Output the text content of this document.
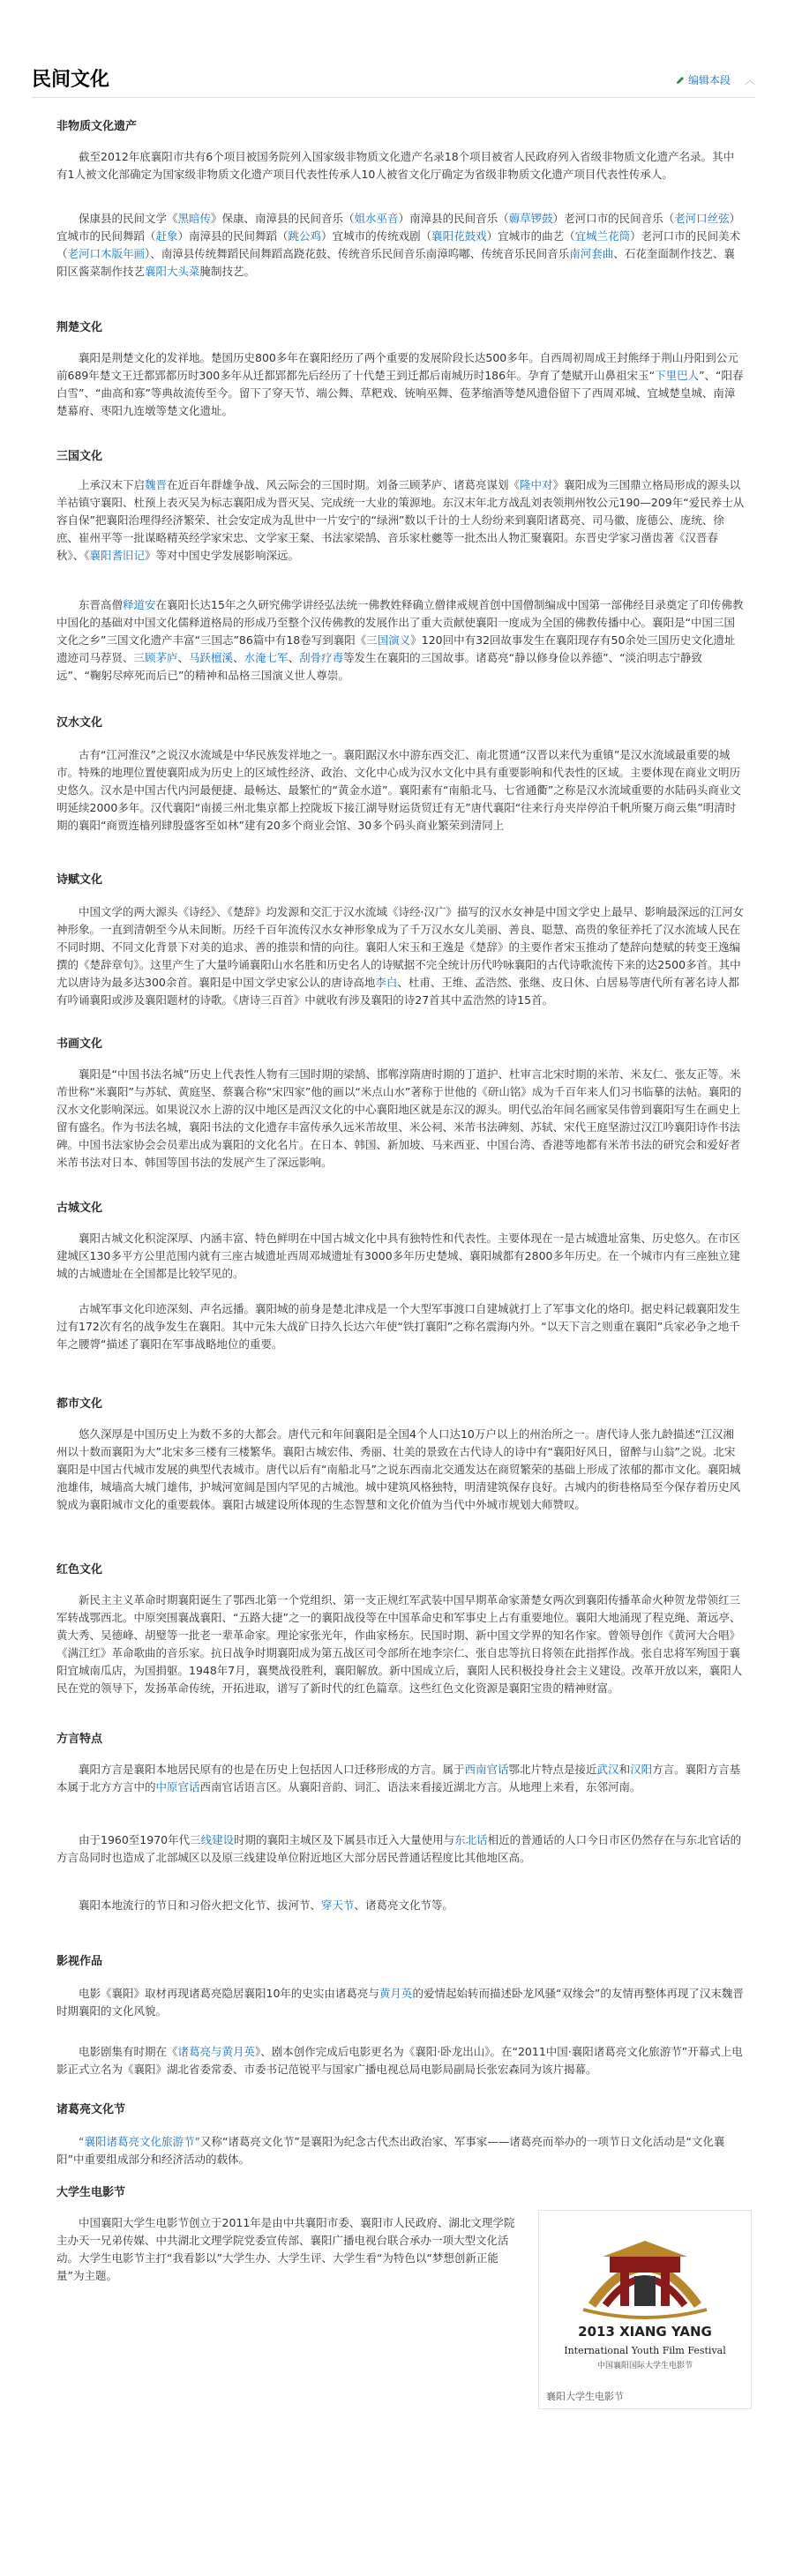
民间文化	编辑本段 ︿
非物质文化遗产
截至2012年底襄阳市共有6个项目被国务院列入国家级非物质文化遗产名录18个项目被省人民政府列入省级非物质文化遗产名录。其中有1人被文化部确定为国家级非物质文化遗产项目代表性传承人10人被省文化厅确定为省级非物质文化遗产项目代表性传承人。
保康县的民间文学《黑暗传》保康、南漳县的民间音乐（姐水巫音）南漳县的民间音乐（薅草锣鼓）老河口市的民间音乐（老河口丝弦）宜城市的民间舞蹈（赶象）南漳县的民间舞蹈（跳公鸡）宜城市的传统戏剧（襄阳花鼓戏）宜城市的曲艺（宜城兰花筒）老河口市的民间美术（老河口木版年画）、南漳县传统舞蹈民间舞蹈高跷花鼓、传统音乐民间音乐南漳呜嘟、传统音乐民间音乐南河套曲、石花奎面制作技艺、襄阳区酱菜制作技艺襄阳大头菜腌制技艺。
荆楚文化
襄阳是荆楚文化的发祥地。楚国历史800多年在襄阳经历了两个重要的发展阶段长达500多年。自西周初周成王封熊绎于荆山丹阳到公元前689年楚文王迁都郢都历时300多年从迁都郢都先后经历了十代楚王到迁都后南城历时186年。孕育了楚赋开山鼻祖宋玉“下里巴人”、“阳春白雪”、“曲高和寡”等典故流传至今。留下了穿天节、端公舞、草粑戏、铳响巫舞、苞茅缩酒等楚风遗俗留下了西周邓城、宜城楚皇城、南漳楚幕府、枣阳九连墩等楚文化遗址。
三国文化
上承汉末下启魏晋在近百年群雄争战、风云际会的三国时期。刘备三顾茅庐、诸葛亮谋划《隆中对》襄阳成为三国鼎立格局形成的源头以羊祜镇守襄阳、杜预上表灭吴为标志襄阳成为晋灭吴、完成统一大业的策源地。东汉末年北方战乱刘表领荆州牧公元190—209年“爱民养士从容自保”把襄阳治理得经济繁荣、社会安定成为乱世中一片安宁的“绿洲”数以千计的士人纷纷来到襄阳诸葛亮、司马徽、庞德公、庞统、徐庶、崔州平等一批谋略精英经学家宋忠、文学家王粲、书法家梁鹄、音乐家杜夔等一批杰出人物汇聚襄阳。东晋史学家习凿齿著《汉晋春秋》、《襄阳耆旧记》等对中国史学发展影响深远。
东晋高僧释道安在襄阳长达15年之久研究佛学讲经弘法统一佛教姓释确立僧律戒规首创中国僧制编成中国第一部佛经目录奠定了印传佛教中国化的基础对中国文化儒释道格局的形成乃至整个汉传佛教的发展作出了重大贡献使襄阳一度成为全国的佛教传播中心。襄阳是“中国三国文化之乡”三国文化遗产丰富“三国志”86篇中有18卷写到襄阳《三国演义》120回中有32回故事发生在襄阳现存有50余处三国历史文化遗址遗迹司马荐贤、三顾茅庐、马跃檀溪、水淹七军、刮骨疗毒等发生在襄阳的三国故事。诸葛亮“静以修身俭以养德”、“淡泊明志宁静致远”、“鞠躬尽瘁死而后已”的精神和品格三国演义世人尊崇。
汉水文化
古有“江河淮汉”之说汉水流域是中华民族发祥地之一。襄阳踞汉水中游东西交汇、南北贯通“汉晋以来代为重镇”是汉水流域最重要的城市。特殊的地理位置使襄阳成为历史上的区域性经济、政治、文化中心成为汉水文化中具有重要影响和代表性的区域。主要体现在商业文明历史悠久。汉水是中国古代内河最便捷、最畅达、最繁忙的“黄金水道”。襄阳素有“南船北马、七省通衢”之称是汉水流域重要的水陆码头商业文明延续2000多年。汉代襄阳“南援三州北集京都上控陇坂下接江湖导财运货贸迁有无”唐代襄阳“往来行舟夹岸停泊千帆所聚万商云集”明清时期的襄阳“商贾连樯列肆殷盛客至如林”建有20多个商业会馆、30多个码头商业繁荣到清同上
诗赋文化
中国文学的两大源头《诗经》、《楚辞》均发源和交汇于汉水流域《诗经·汉广》描写的汉水女神是中国文学史上最早、影响最深远的江河女神形象。一直到清朝至今从未间断。历经千百年流传汉水女神形象成为了千万汉水女儿美丽、善良、聪慧、高贵的象征养托了汉水流域人民在不同时期、不同文化背景下对美的追求、善的推崇和情的向往。襄阳人宋玉和王逸是《楚辞》的主要作者宋玉推动了楚辞向楚赋的转变王逸编撰的《楚辞章句》。这里产生了大量吟诵襄阳山水名胜和历史名人的诗赋据不完全统计历代吟咏襄阳的古代诗歌流传下来的达2500多首。其中尤以唐诗为最多达300余首。襄阳是中国文学史家公认的唐诗高地李白、杜甫、王维、孟浩然、张继、皮日休、白居易等唐代所有著名诗人都有吟诵襄阳或涉及襄阳题材的诗歌。《唐诗三百首》中就收有涉及襄阳的诗27首其中孟浩然的诗15首。
书画文化
襄阳是“中国书法名城”历史上代表性人物有三国时期的梁鹄、邯郸淳隋唐时期的丁道护、杜审言北宋时期的米芾、米友仁、张友正等。米芾世称“米襄阳”与苏轼、黄庭坚、蔡襄合称“宋四家”他的画以“米点山水”著称于世他的《研山铭》成为千百年来人们习书临摹的法帖。襄阳的汉水文化影响深远。如果说汉水上游的汉中地区是西汉文化的中心襄阳地区就是东汉的源头。明代弘治年间名画家吴伟曾到襄阳写生在画史上留有盛名。作为书法名城，襄阳书法的文化遗存丰富传承久远米芾故里、米公祠、米芾书法碑刻、苏轼、宋代王庭坚游过汉江吟襄阳诗作书法碑。中国书法家协会会员辈出成为襄阳的文化名片。在日本、韩国、新加坡、马来西亚、中国台湾、香港等地都有米芾书法的研究会和爱好者米芾书法对日本、韩国等国书法的发展产生了深远影响。
古城文化
襄阳古城文化积淀深厚、内涵丰富、特色鲜明在中国古城文化中具有独特性和代表性。主要体现在一是古城遗址富集、历史悠久。在市区建城区130多平方公里范围内就有三座古城遗址西周邓城遗址有3000多年历史楚城、襄阳城都有2800多年历史。在一个城市内有三座独立建城的古城遗址在全国都是比较罕见的。
古城军事文化印迹深刻、声名远播。襄阳城的前身是楚北津戍是一个大型军事渡口自建城就打上了军事文化的烙印。据史料记载襄阳发生过有172次有名的战争发生在襄阳。其中元朱大战矿日持久长达六年使“铁打襄阳”之称名震海内外。“以天下言之则重在襄阳”兵家必争之地千年之腰膂“描述了襄阳在军事战略地位的重要。
都市文化
悠久深厚是中国历史上为数不多的大都会。唐代元和年间襄阳是全国4个人口达10万户以上的州治所之一。唐代诗人张九龄描述“江汉湘州以十数而襄阳为大”北宋多三楼有三楼繁华。襄阳古城宏伟、秀丽、壮美的景致在古代诗人的诗中有“襄阳好风日，留醉与山翁”之说。北宋襄阳是中国古代城市发展的典型代表城市。唐代以后有“南船北马”之说东西南北交通发达在商贸繁荣的基础上形成了浓郁的都市文化。襄阳城池雄伟，城墙高大城门雄伟，护城河宽阔是国内罕见的古城池。城中建筑风格独特，明清建筑保存良好。古城内的街巷格局至今保存着历史风貌成为襄阳城市文化的重要载体。襄阳古城建设所体现的生态智慧和文化价值为当代中外城市规划大师赞叹。
红色文化
新民主主义革命时期襄阳诞生了鄂西北第一个党组织、第一支正规红军武装中国早期革命家萧楚女两次到襄阳传播革命火种贺龙带领红三军转战鄂西北。中原突围襄战襄阳、“五路大捷”之一的襄阳战役等在中国革命史和军事史上占有重要地位。襄阳大地涌现了程克绳、萧远亭、黄大秀、吴德峰、胡璧等一批老一辈革命家。理论家张光年，作曲家杨东。民国时期、新中国文学界的知名作家。曾领导创作《黄河大合唱》《满江红》革命歌曲的音乐家。抗日战争时期襄阳成为第五战区司令部所在地李宗仁、张自忠等抗日将领在此指挥作战。张自忠将军殉国于襄阳宜城南瓜店，为国捐躯。1948年7月，襄樊战役胜利，襄阳解放。新中国成立后，襄阳人民积极投身社会主义建设。改革开放以来，襄阳人民在党的领导下，发扬革命传统，开拓进取，谱写了新时代的红色篇章。这些红色文化资源是襄阳宝贵的精神财富。
方言特点
襄阳方言是襄阳本地居民原有的也是在历史上包括因人口迁移形成的方言。属于西南官话鄂北片特点是接近武汉和汉阳方言。襄阳方言基本属于北方方言中的中原官话西南官话语言区。从襄阳音韵、词汇、语法来看接近湖北方言。从地理上来看，东邻河南。
由于1960至1970年代三线建设时期的襄阳主城区及下属县市迁入大量使用与东北话相近的普通话的人口今日市区仍然存在与东北官话的方言岛同时也造成了北部城区以及原三线建设单位附近地区大部分居民普通话程度比其他地区高。
襄阳本地流行的节日和习俗火把文化节、拔河节、穿天节、诸葛亮文化节等。
影视作品
电影《襄阳》取材再现诸葛亮隐居襄阳10年的史实由诸葛亮与黄月英的爱情起始转而描述卧龙风骚“双缘会”的友情再整体再现了汉末魏晋时期襄阳的文化风貌。
电影剧集有时期在《诸葛亮与黄月英》、剧本创作完成后电影更名为《襄阳·卧龙出山》。在“2011中国·襄阳诸葛亮文化旅游节”开幕式上电影正式立名为《襄阳》湖北省委常委、市委书记范锐平与国家广播电视总局电影局副局长张宏森同为该片揭幕。
诸葛亮文化节
“襄阳诸葛亮文化旅游节”又称“诸葛亮文化节”是襄阳为纪念古代杰出政治家、军事家——诸葛亮而举办的一项节日文化活动是“文化襄阳”中重要组成部分和经济活动的载体。
大学生电影节
中国襄阳大学生电影节创立于2011年是由中共襄阳市委、襄阳市人民政府、湖北文理学院主办天一兄弟传媒、中共湖北文理学院党委宣传部、襄阳广播电视台联合承办一项大型文化活动。大学生电影节主打“我看影以”大学生办、大学生评、大学生看“为特色以“梦想创新正能量”为主题。
2013 XIANG YANG
International Youth Film Festival
中国襄阳国际大学生电影节
襄阳大学生电影节
